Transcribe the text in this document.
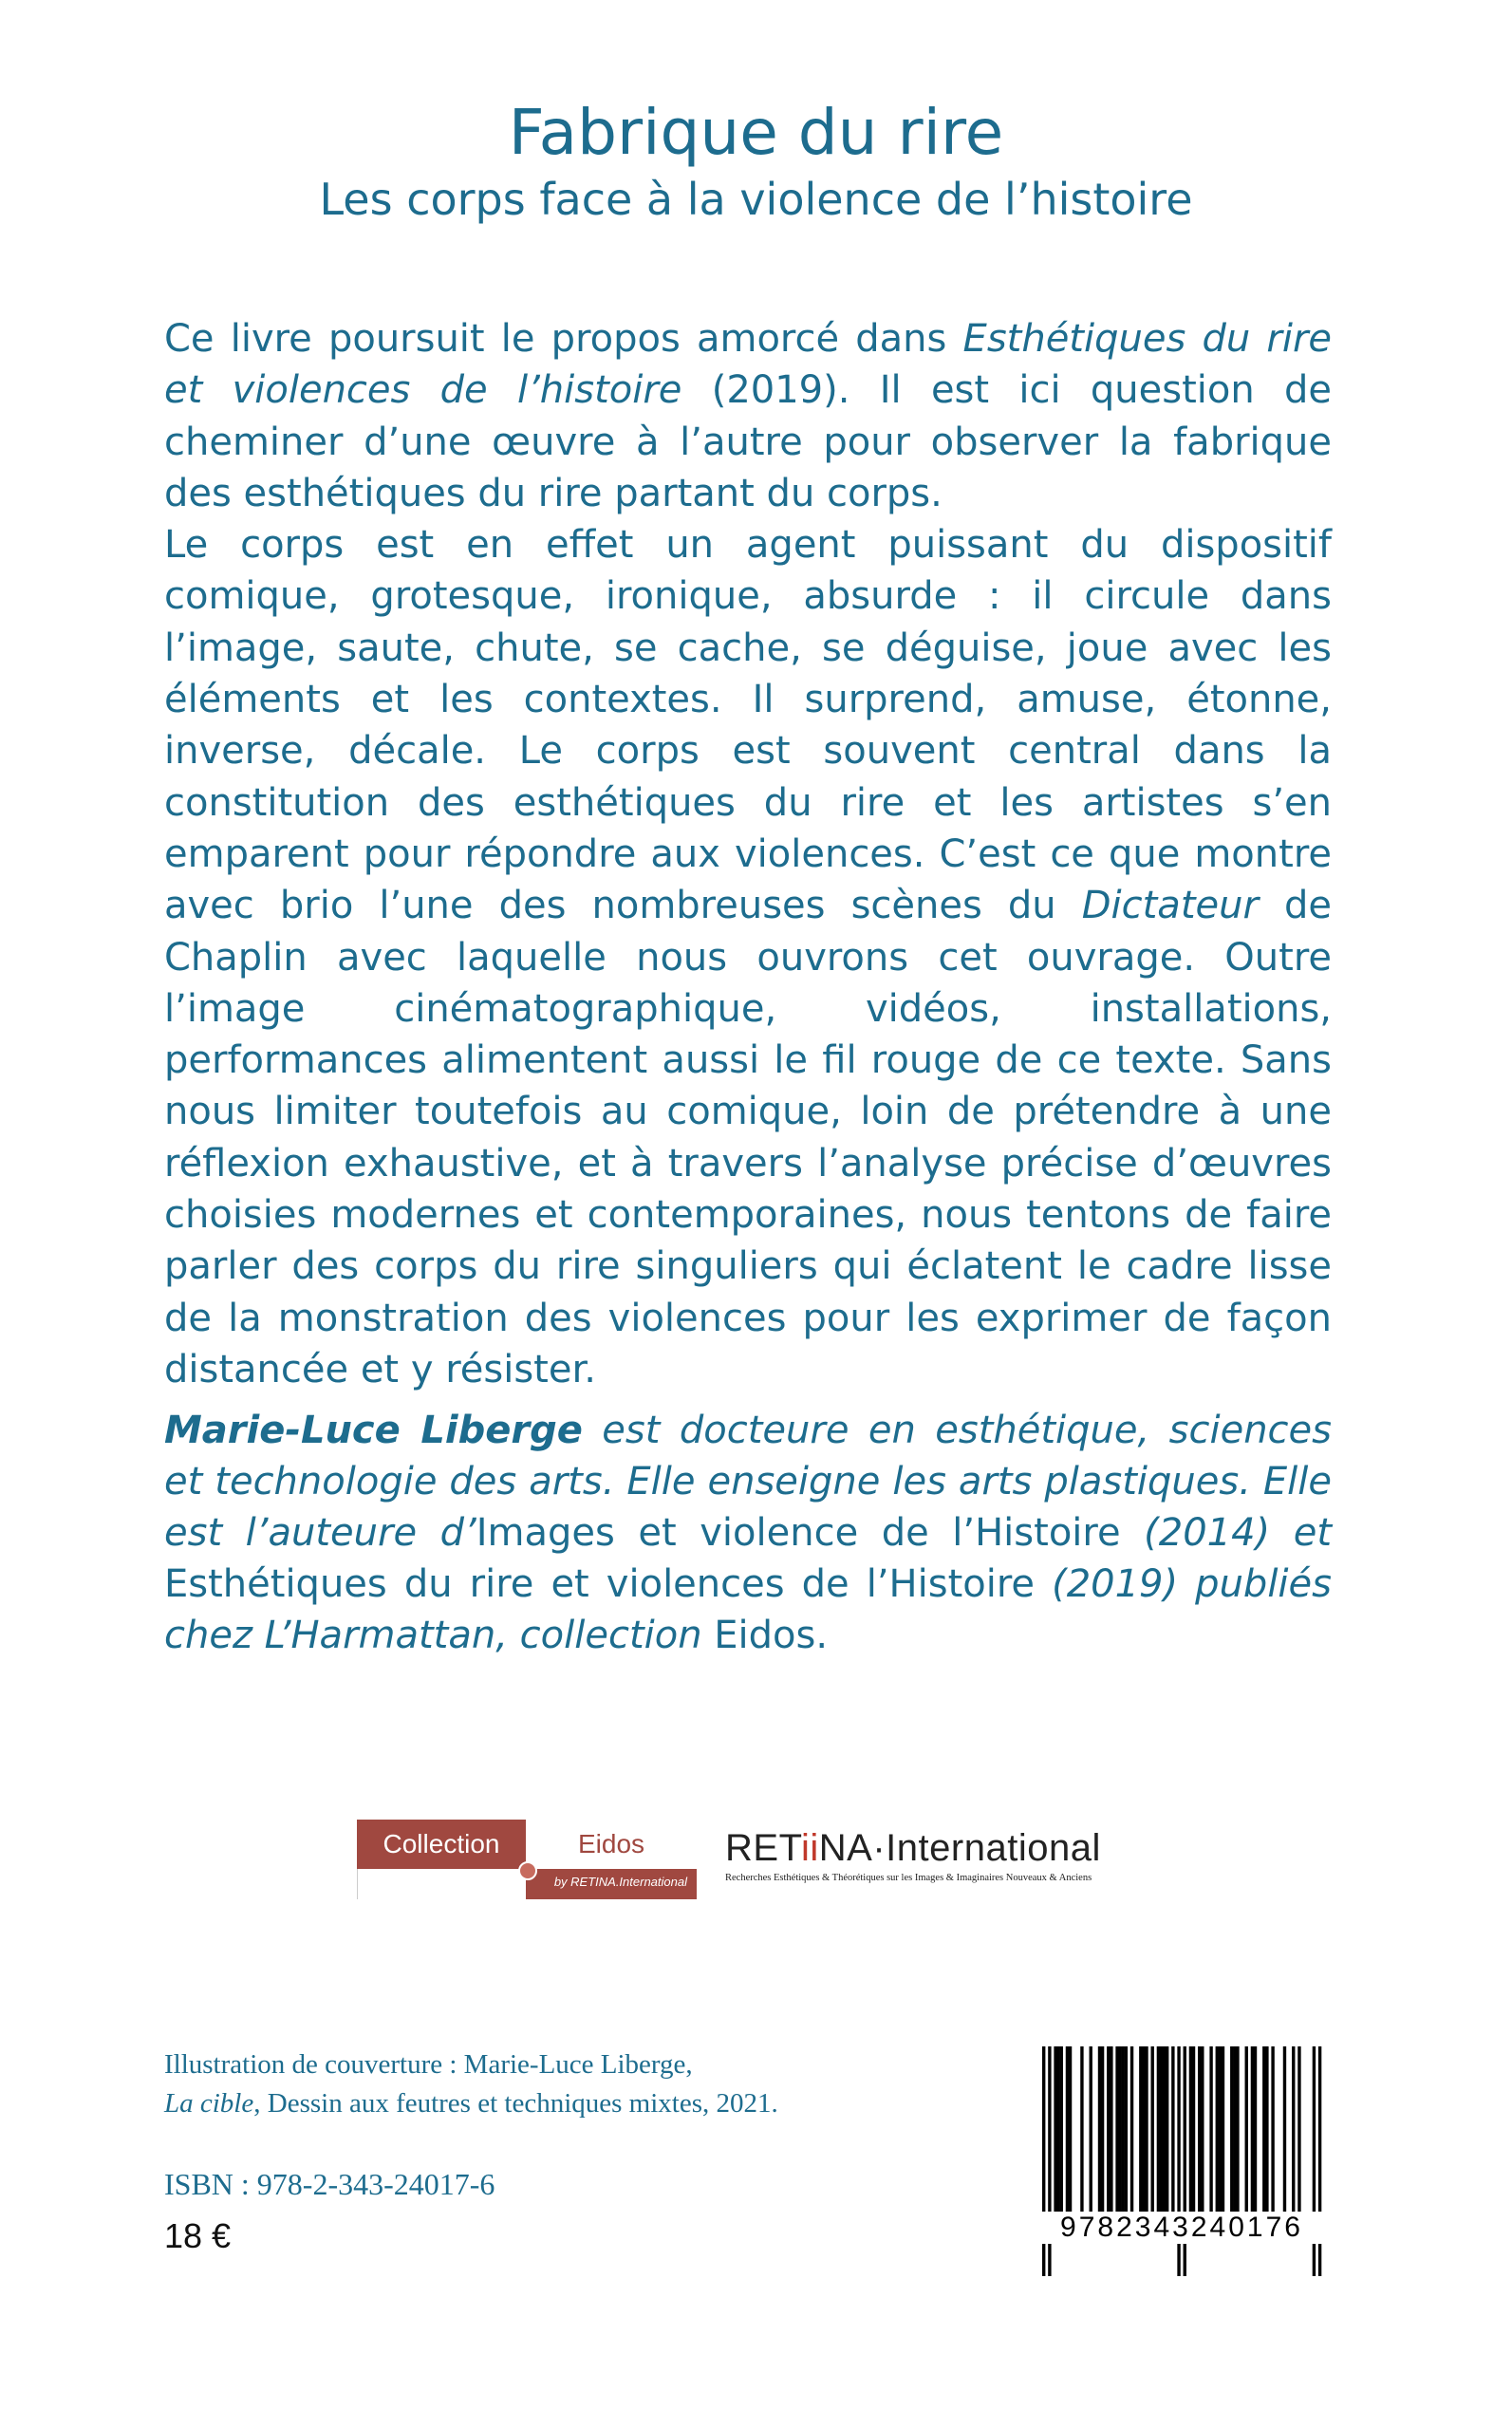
Fabrique du rire
Les corps face à la violence de l’histoire

Ce livre poursuit le propos amorcé dans Esthétiques du rire et violences de l’histoire (2019). Il est ici question de cheminer d’une œuvre à l’autre pour observer la fabrique des esthétiques du rire partant du corps.

Le corps est en effet un agent puissant du dispositif comique, grotesque, ironique, absurde : il circule dans l’image, saute, chute, se cache, se déguise, joue avec les éléments et les contextes. Il surprend, amuse, étonne, inverse, décale. Le corps est souvent central dans la constitution des esthétiques du rire et les artistes s’en emparent pour répondre aux violences. C’est ce que montre avec brio l’une des nombreuses scènes du Dictateur de Chaplin avec laquelle nous ouvrons cet ouvrage. Outre l’image cinématographique, vidéos, installations, performances alimentent aussi le fil rouge de ce texte. Sans nous limiter toutefois au comique, loin de prétendre à une réflexion exhaustive, et à travers l’analyse précise d’œuvres choisies modernes et contemporaines, nous tentons de faire parler des corps du rire singuliers qui éclatent le cadre lisse de la monstration des violences pour les exprimer de façon distancée et y résister.

Marie-Luce Liberge est docteure en esthétique, sciences et technologie des arts. Elle enseigne les arts plastiques. Elle est l’auteure d’Images et violence de l’Histoire (2014) et Esthétiques du rire et violences de l’Histoire (2019) publiés chez L’Harmattan, collection Eidos.
Collection	Eidos
by RETINA.International
RETiiNA·International
Recherches Esthétiques & Théorétiques sur les Images & Imaginaires Nouveaux & Anciens
Illustration de couverture : Marie-Luce Liberge,
La cible, Dessin aux feutres et techniques mixtes, 2021.
ISBN : 978-2-343-24017-6
18 €	9782343240176
